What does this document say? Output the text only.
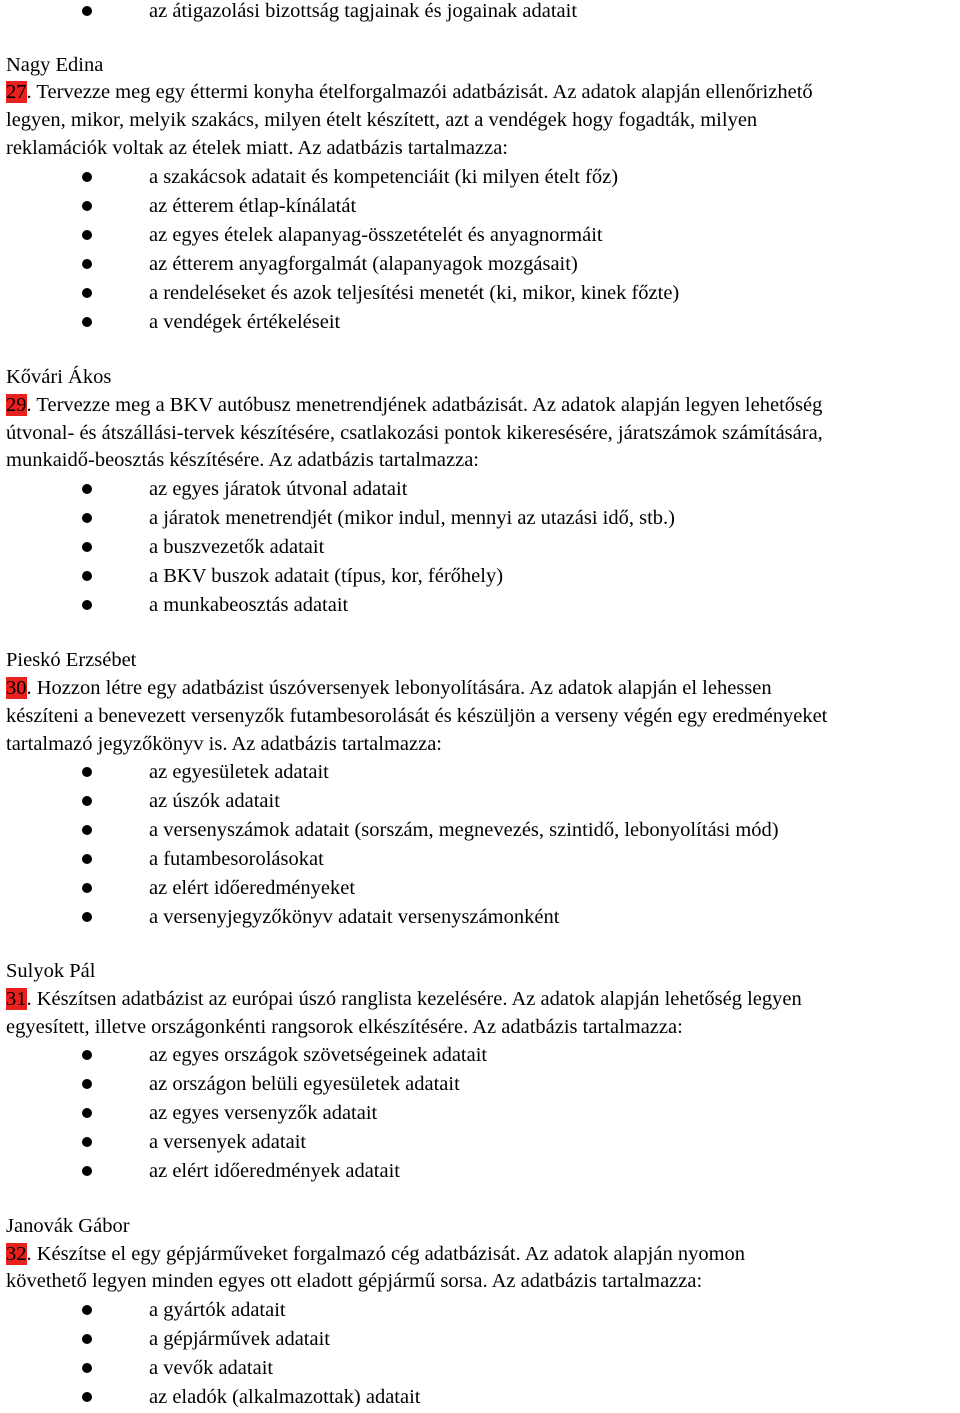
az átigazolási bizottság tagjainak és jogainak adatait
Nagy Edina
27. Tervezze meg egy éttermi konyha ételforgalmazói adatbázisát. Az adatok alapján ellenőrizhető
legyen, mikor, melyik szakács, milyen ételt készített, azt a vendégek hogy fogadták, milyen
reklamációk voltak az ételek miatt. Az adatbázis tartalmazza:
a szakácsok adatait és kompetenciáit (ki milyen ételt főz)
az étterem étlap-kínálatát
az egyes ételek alapanyag-összetételét és anyagnormáit
az étterem anyagforgalmát (alapanyagok mozgásait)
a rendeléseket és azok teljesítési menetét (ki, mikor, kinek főzte)
a vendégek értékeléseit
Kővári Ákos
29. Tervezze meg a BKV autóbusz menetrendjének adatbázisát. Az adatok alapján legyen lehetőség
útvonal- és átszállási-tervek készítésére, csatlakozási pontok kikeresésére, járatszámok számítására,
munkaidő-beosztás készítésére. Az adatbázis tartalmazza:
az egyes járatok útvonal adatait
a járatok menetrendjét (mikor indul, mennyi az utazási idő, stb.)
a buszvezetők adatait
a BKV buszok adatait (típus, kor, férőhely)
a munkabeosztás adatait
Pieskó Erzsébet
30. Hozzon létre egy adatbázist úszóversenyek lebonyolítására. Az adatok alapján el lehessen
készíteni a benevezett versenyzők futambesorolását és készüljön a verseny végén egy eredményeket
tartalmazó jegyzőkönyv is. Az adatbázis tartalmazza:
az egyesületek adatait
az úszók adatait
a versenyszámok adatait (sorszám, megnevezés, szintidő, lebonyolítási mód)
a futambesorolásokat
az elért időeredményeket
a versenyjegyzőkönyv adatait versenyszámonként
Sulyok Pál
31. Készítsen adatbázist az európai úszó ranglista kezelésére. Az adatok alapján lehetőség legyen
egyesített, illetve országonkénti rangsorok elkészítésére. Az adatbázis tartalmazza:
az egyes országok szövetségeinek adatait
az országon belüli egyesületek adatait
az egyes versenyzők adatait
a versenyek adatait
az elért időeredmények adatait
Janovák Gábor
32. Készítse el egy gépjárműveket forgalmazó cég adatbázisát. Az adatok alapján nyomon
követhető legyen minden egyes ott eladott gépjármű sorsa. Az adatbázis tartalmazza:
a gyártók adatait
a gépjárművek adatait
a vevők adatait
az eladók (alkalmazottak) adatait
